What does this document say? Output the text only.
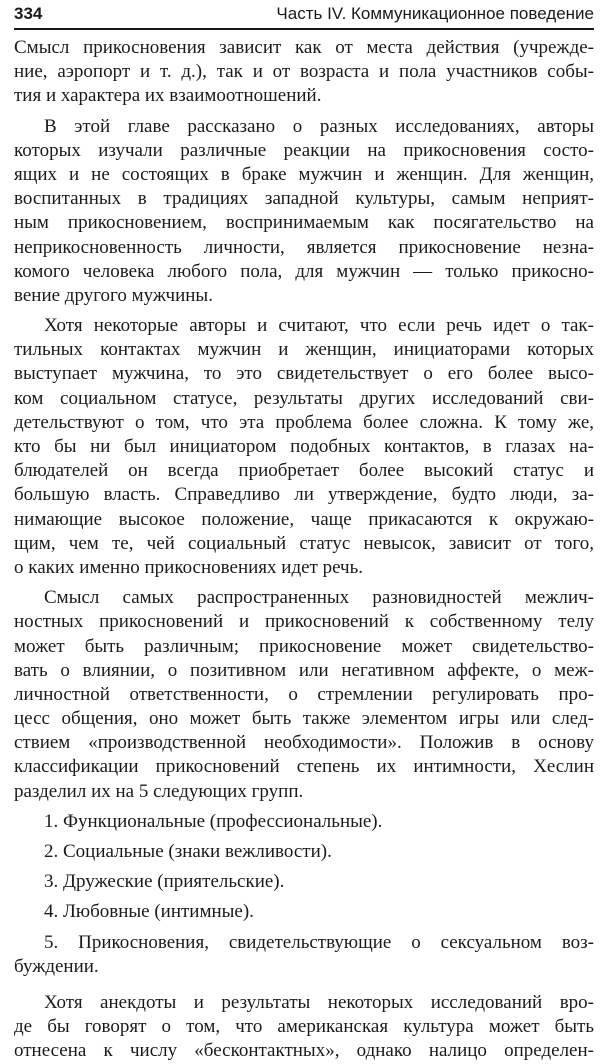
334	Часть IV. Коммуникационное поведение
Смысл прикосновения зависит как от места действия (учрежде-
ние, аэропорт и т. д.), так и от возраста и пола участников собы-
тия и характера их взаимоотношений.
В этой главе рассказано о разных исследованиях, авторы
которых изучали различные реакции на прикосновения состо-
ящих и не состоящих в браке мужчин и женщин. Для женщин,
воспитанных в традициях западной культуры, самым неприят-
ным прикосновением, воспринимаемым как посягательство на
неприкосновенность личности, является прикосновение незна-
комого человека любого пола, для мужчин — только прикосно-
вение другого мужчины.
Хотя некоторые авторы и считают, что если речь идет о так-
тильных контактах мужчин и женщин, инициаторами которых
выступает мужчина, то это свидетельствует о его более высо-
ком социальном статусе, результаты других исследований сви-
детельствуют о том, что эта проблема более сложна. К тому же,
кто бы ни был инициатором подобных контактов, в глазах на-
блюдателей он всегда приобретает более высокий статус и
большую власть. Справедливо ли утверждение, будто люди, за-
нимающие высокое положение, чаще прикасаются к окружаю-
щим, чем те, чей социальный статус невысок, зависит от того,
о каких именно прикосновениях идет речь.
Смысл самых распространенных разновидностей межлич-
ностных прикосновений и прикосновений к собственному телу
может быть различным; прикосновение может свидетельство-
вать о влиянии, о позитивном или негативном аффекте, о меж-
личностной ответственности, о стремлении регулировать про-
цесс общения, оно может быть также элементом игры или след-
ствием «производственной необходимости». Положив в основу
классификации прикосновений степень их интимности, Хеслин
разделил их на 5 следующих групп.
1. Функциональные (профессиональные).
2. Социальные (знаки вежливости).
3. Дружеские (приятельские).
4. Любовные (интимные).
5. Прикосновения, свидетельствующие о сексуальном воз-
буждении.
Хотя анекдоты и результаты некоторых исследований вро-
де бы говорят о том, что американская культура может быть
отнесена к числу «бесконтактных», однако налицо определен-
